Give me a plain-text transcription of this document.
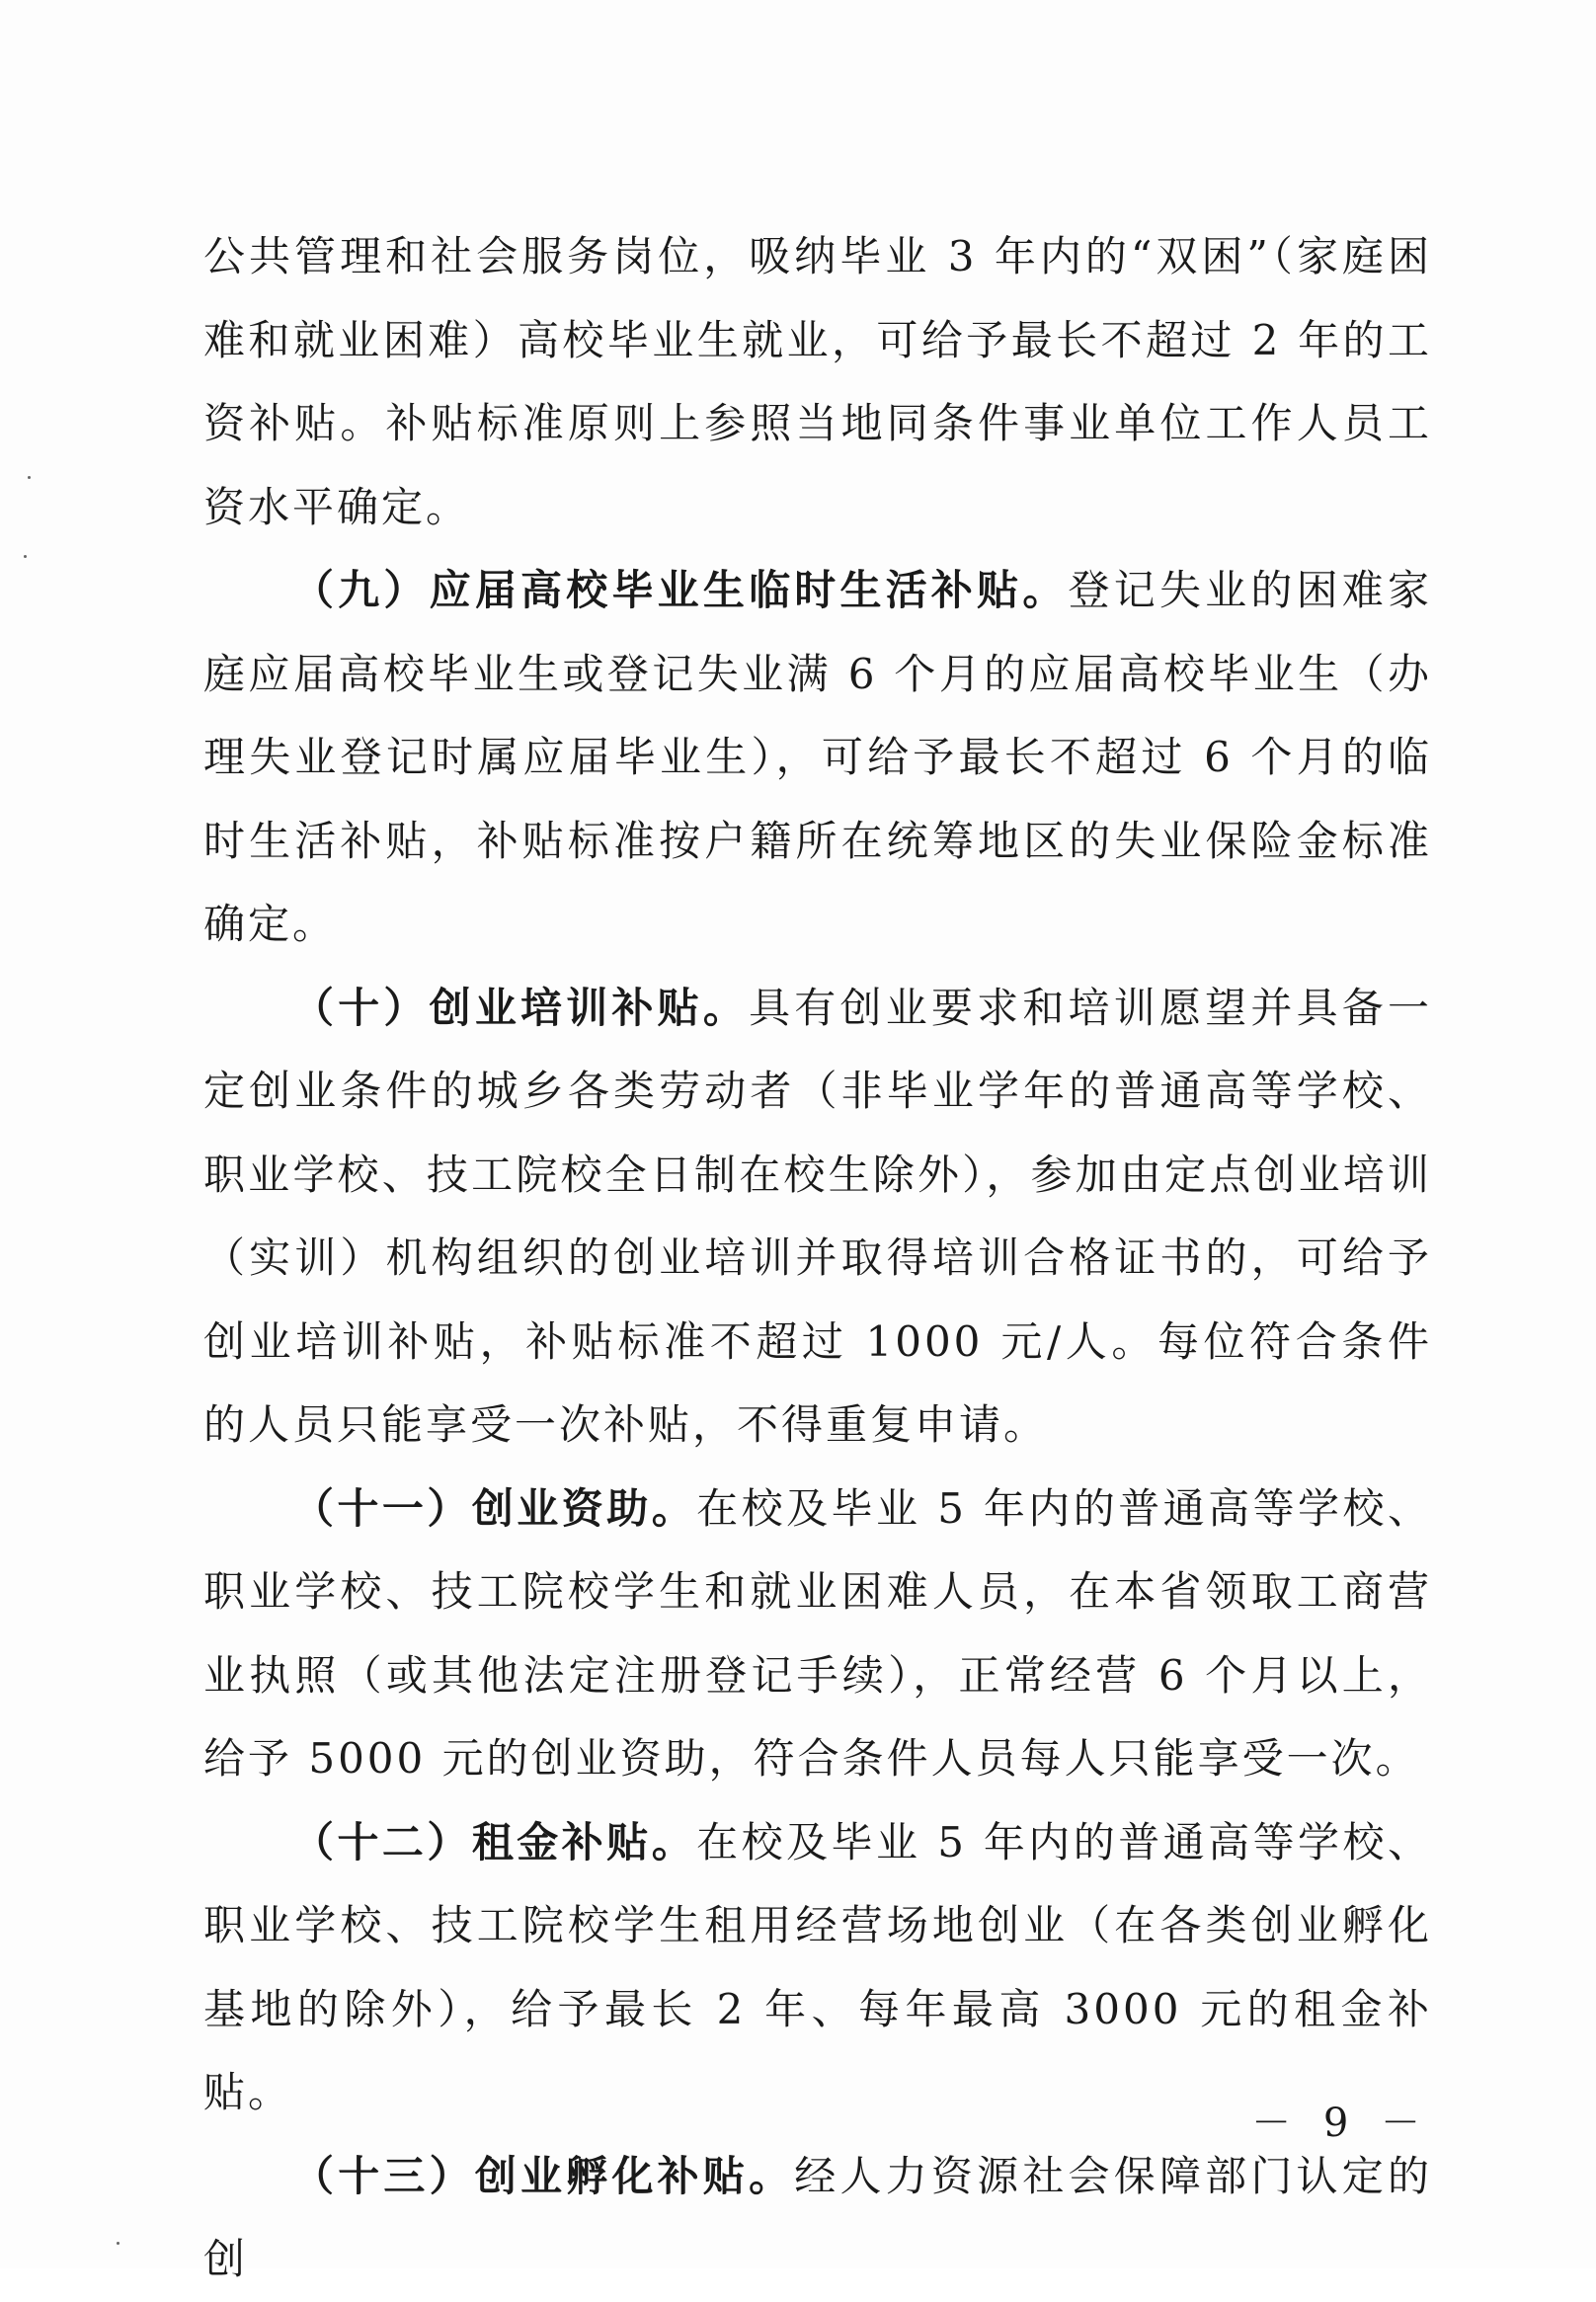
公共管理和社会服务岗位，吸纳毕业 3 年内的“双困”（家庭困难和就业困难）高校毕业生就业，可给予最长不超过 2 年的工资补贴。补贴标准原则上参照当地同条件事业单位工作人员工资水平确定。

（九）应届高校毕业生临时生活补贴。登记失业的困难家庭应届高校毕业生或登记失业满 6 个月的应届高校毕业生（办理失业登记时属应届毕业生），可给予最长不超过 6 个月的临时生活补贴，补贴标准按户籍所在统筹地区的失业保险金标准确定。

（十）创业培训补贴。具有创业要求和培训愿望并具备一定创业条件的城乡各类劳动者（非毕业学年的普通高等学校、职业学校、技工院校全日制在校生除外），参加由定点创业培训（实训）机构组织的创业培训并取得培训合格证书的，可给予创业培训补贴，补贴标准不超过 1000 元/人。每位符合条件的人员只能享受一次补贴，不得重复申请。

（十一）创业资助。在校及毕业 5 年内的普通高等学校、职业学校、技工院校学生和就业困难人员，在本省领取工商营业执照（或其他法定注册登记手续），正常经营 6 个月以上，给予 5000 元的创业资助，符合条件人员每人只能享受一次。

（十二）租金补贴。在校及毕业 5 年内的普通高等学校、职业学校、技工院校学生租用经营场地创业（在各类创业孵化基地的除外），给予最长 2 年、每年最高 3000 元的租金补贴。

（十三）创业孵化补贴。经人力资源社会保障部门认定的创

－ 9 －
